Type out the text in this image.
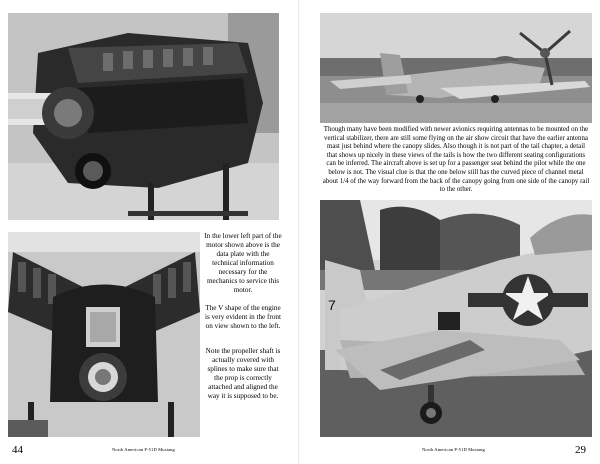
In the lower left part of the motor shown above is the data plate with the technical information necessary for the mechanics to service this motor.

The V shape of the engine is very evident in the front on view shown to the left.

Note the propeller shaft is actually covered with splines to make sure that the prop is correctly attached and aligned the way it is supposed to be.

44	North American P-51D Mustang
Though many have been modified with newer avionics requiring antennas to be mounted on the vertical stabilizer, there are still some flying on the air show circuit that have the earlier antenna mast just behind where the canopy slides. Also though it is not part of the tail chapter, a detail that shows up nicely in these views of the tails is how the two different seating configurations can be inferred. The aircraft above is set up for a passenger seat behind the pilot while the one below is not. The visual clue is that the one below still has the curved piece of channel metal about 1/4 of the way forward from the back of the canopy going from one side of the canopy rail to the other.
7
North American P-51D Mustang	29
